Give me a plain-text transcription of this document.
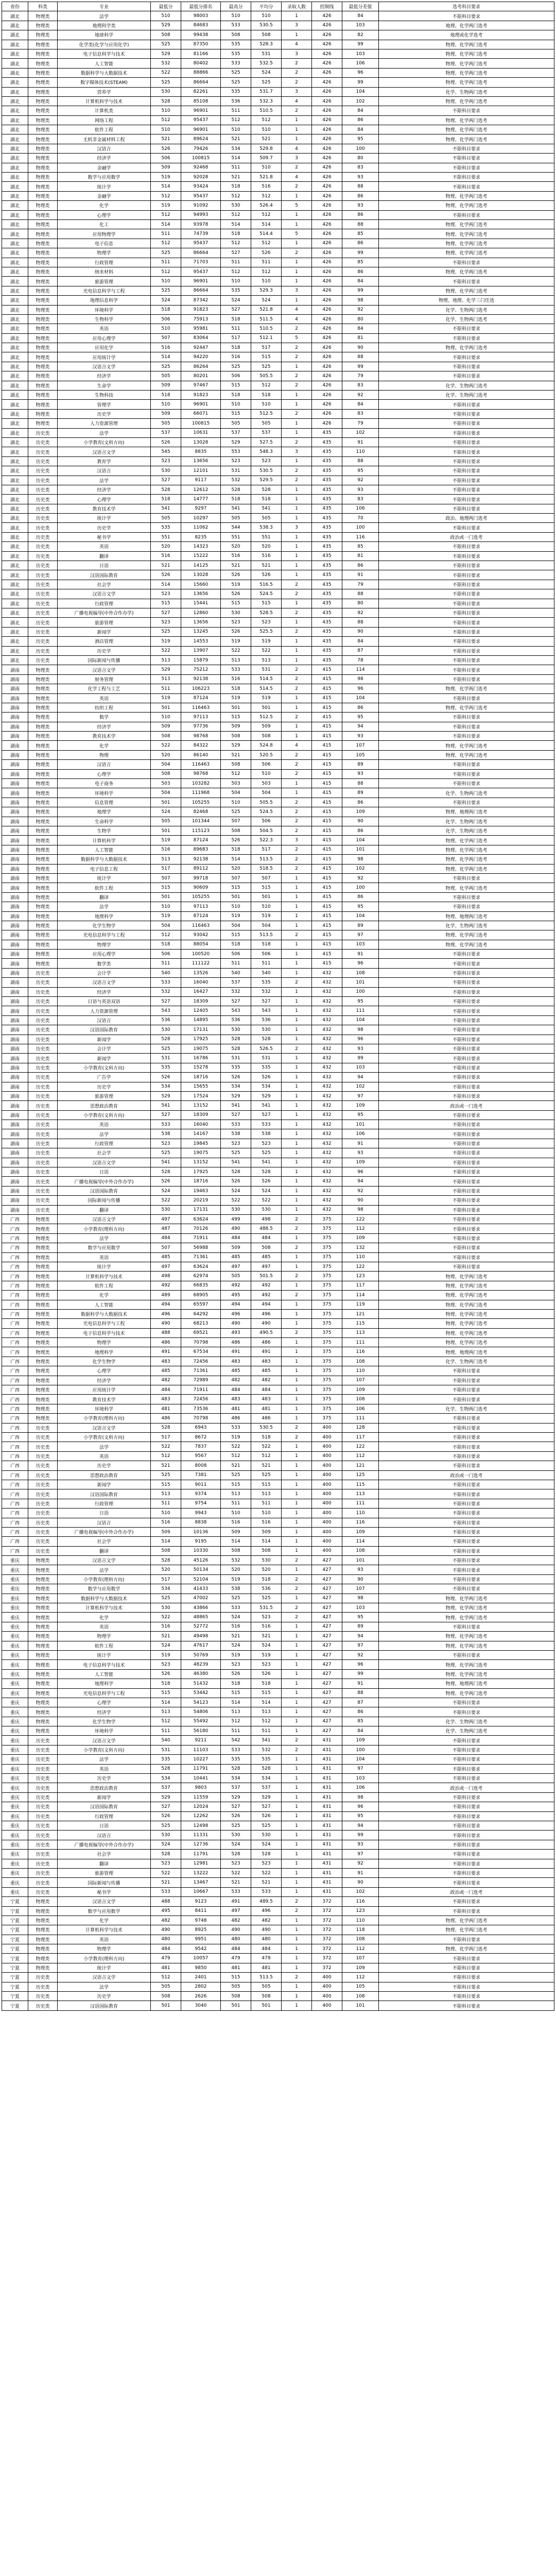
省份	科类	专业	最低分	最低分排名	最高分	平均分	录取人数	控制线	最低分差值	选考科目要求
湖北	物理类	法学	510	98003	510	510	1	426	84	不限科目要求
湖北	物理类	地理科学类	529	84683	533	530.5	3	426	103	地理、化学两门选考
湖北	物理类	地球科学	508	99438	508	508	1	426	82	地理或化学选考
湖北	物理类	化学类(化学与应用化学)	525	87350	535	528.3	4	426	99	物理、化学两门选考
湖北	物理类	电子信息科学与技术	529	81166	535	531	3	426	103	物理、化学两门选考
湖北	物理类	人工智能	532	80402	533	532.5	2	426	106	物理、化学两门选考
湖北	物理类	数据科学与大数据技术	522	88866	525	524	2	426	96	物理、化学两门选考
湖北	物理类	数字媒体技术(STEAM)	525	86664	525	525	2	426	99	物理、化学两门选考
湖北	物理类	营养学	530	82261	535	531.7	3	426	104	化学、生物两门选考
湖北	物理类	计算机科学与技术	528	85108	536	532.3	4	426	102	物理、化学两门选考
湖北	物理类	计算机类	510	96901	511	510.5	2	426	84	不限科目要求
湖北	物理类	网络工程	512	95437	512	512	1	426	86	物理、化学两门选考
湖北	物理类	软件工程	510	96901	510	510	1	426	84	物理、化学两门选考
湖北	物理类	无机非金属材料工程	521	89624	521	521	1	426	95	物理、化学两门选考
湖北	物理类	汉语言	526	79426	534	529.8	4	426	100	不限科目要求
湖北	物理类	经济学	506	100815	514	509.7	3	426	80	不限科目要求
湖北	物理类	金融学	509	92468	511	510	2	426	83	不限科目要求
湖北	物理类	数学与应用数学	519	92028	521	521.8	4	426	93	不限科目要求
湖北	物理类	统计学	514	93424	518	516	2	426	88	不限科目要求
湖北	物理类	金融学	512	95437	512	512	1	426	86	物理、化学两门选考
湖北	物理类	化学	519	91092	530	526.4	5	426	93	物理、化学两门选考
湖北	物理类	心理学	512	94993	512	512	1	426	86	不限科目要求
湖北	物理类	化工	514	93978	514	514	1	426	88	物理、化学两门选考
湖北	物理类	应用物理学	511	74739	518	514.4	5	426	85	物理、化学两门选考
湖北	物理类	电子信息	512	95437	512	512	1	426	86	物理、化学两门选考
湖北	物理类	物理学	525	86664	527	526	2	426	99	物理、化学两门选考
湖北	物理类	行政管理	511	71703	511	511	1	426	85	不限科目要求
湖北	物理类	纳米材料	512	95437	512	512	1	426	86	物理、化学两门选考
湖北	物理类	旅游管理	510	96901	510	510	1	426	84	不限科目要求
湖北	物理类	光电信息科学与工程	525	86664	535	529.3	3	426	99	物理、化学两门选考
湖北	物理类	地理信息科学	524	87342	524	524	1	426	98	物理、地理、化学三门任选
湖北	物理类	环境科学	518	91823	527	521.8	4	426	92	化学、生物两门选考
湖北	物理类	生物科学	506	75913	518	511.5	4	426	80	化学、生物两门选考
湖北	物理类	英语	510	95981	511	510.5	2	426	84	不限科目要求
湖北	物理类	应用心理学	507	83064	517	512.1	5	426	81	不限科目要求
湖北	物理类	应用化学	516	92447	518	517	2	426	90	物理、化学两门选考
湖北	物理类	应用统计学	514	94220	516	515	2	426	88	不限科目要求
湖北	物理类	汉语言文学	525	86264	525	525	1	426	99	不限科目要求
湖北	物理类	经济学	505	80201	506	505.5	2	426	79	不限科目要求
湖北	物理类	生命学	509	97467	515	512	2	426	83	化学、生物两门选考
湖北	物理类	生物科技	518	91823	518	518	1	426	92	化学、生物两门选考
湖北	物理类	管理学	510	96901	510	510	1	426	84	不限科目要求
湖北	物理类	历史学	509	66071	515	512.5	2	426	83	不限科目要求
湖北	物理类	人力资源管理	505	100815	505	505	1	426	79	不限科目要求
湖北	历史类	法学	537	10631	537	537	1	435	102	不限科目要求
湖北	历史类	小学教育(文科方向)	526	13028	529	527.5	2	435	91	不限科目要求
湖北	历史类	汉语言文学	545	8835	553	548.3	3	435	110	不限科目要求
湖北	历史类	教育学	523	13656	523	523	1	435	88	不限科目要求
湖北	历史类	汉语言	530	12101	531	530.5	2	435	95	不限科目要求
湖北	历史类	法学	527	9117	532	529.5	2	435	92	不限科目要求
湖北	历史类	经济学	528	12612	528	528	1	435	93	不限科目要求
湖北	历史类	心理学	518	14777	518	518	1	435	83	不限科目要求
湖北	历史类	教育技术学	541	9297	541	541	1	435	106	不限科目要求
湖北	历史类	统计学	505	10297	505	505	1	435	70	政治、地理两门选考
湖北	历史类	历史学	535	11062	544	538.3	3	435	100	不限科目要求
湖北	历史类	秘书学	551	8235	551	551	1	435	116	政治或一门选考
湖北	历史类	英语	520	14323	520	520	1	435	85	不限科目要求
湖北	历史类	翻译	516	15222	516	516	1	435	81	不限科目要求
湖北	历史类	日语	521	14125	521	521	1	435	86	不限科目要求
湖北	历史类	汉语国际教育	526	13028	526	526	1	435	91	不限科目要求
湖北	历史类	社会学	514	15660	519	516.5	2	435	79	不限科目要求
湖北	历史类	汉语言文学	523	13656	526	524.5	2	435	88	不限科目要求
湖北	历史类	行政管理	515	15441	515	515	1	435	80	不限科目要求
湖北	历史类	广播电视编导(中外合作办学)	527	12860	530	528.5	2	435	92	不限科目要求
湖北	历史类	旅游管理	523	13656	523	523	1	435	88	不限科目要求
湖北	历史类	新闻学	525	13245	526	525.5	2	435	90	不限科目要求
湖北	历史类	酒店管理	519	14553	519	519	1	435	84	不限科目要求
湖北	历史类	历史学	522	13907	522	522	1	435	87	不限科目要求
湖北	历史类	国际新闻与传播	513	15879	513	513	1	435	78	不限科目要求
湖南	物理类	汉语言文学	529	75212	533	531	2	415	114	不限科目要求
湖南	物理类	财务管理	513	92138	516	514.5	2	415	98	不限科目要求
湖南	物理类	化学工程与工艺	511	106223	518	514.5	2	415	96	物理、化学两门选考
湖南	物理类	英语	519	87124	519	519	1	415	104	不限科目要求
湖南	物理类	纺织工程	501	116463	501	501	1	415	86	物理、化学两门选考
湖南	物理类	数学	510	97113	515	512.5	2	415	95	不限科目要求
湖南	物理类	经济学	509	97736	509	509	1	415	94	不限科目要求
湖南	物理类	教育技术学	508	98768	508	508	1	415	93	不限科目要求
湖南	物理类	化学	522	84322	529	524.8	4	415	107	物理、化学两门选考
湖南	物理类	物理	520	86140	521	520.5	2	415	105	物理、化学两门选考
湖南	物理类	汉语言	504	116463	508	506	2	415	89	不限科目要求
湖南	物理类	心理学	508	98768	512	510	2	415	93	不限科目要求
湖南	物理类	电子商务	503	103282	503	503	1	415	88	不限科目要求
湖南	物理类	环境科学	504	111968	504	504	1	415	89	化学、生物两门选考
湖南	物理类	信息管理	501	105255	510	505.5	2	415	86	不限科目要求
湖南	物理类	地理学	524	82468	525	524.5	2	415	109	物理、地理两门选考
湖南	物理类	生命科学	505	101344	507	506	2	415	90	化学、生物两门选考
湖南	物理类	生物学	501	115123	508	504.5	2	415	86	化学、生物两门选考
湖南	物理类	计算机科学	519	87124	526	522.3	3	415	104	物理、化学两门选考
湖南	物理类	人工智能	516	89683	518	517	2	415	101	物理、化学两门选考
湖南	物理类	数据科学与大数据技术	513	92138	514	513.5	2	415	98	物理、化学两门选考
湖南	物理类	电子信息工程	517	89112	520	518.5	2	415	102	物理、化学两门选考
湖南	物理类	统计学	507	99718	507	507	1	415	92	不限科目要求
湖南	物理类	软件工程	515	90609	515	515	1	415	100	物理、化学两门选考
湖南	物理类	翻译	501	105255	501	501	1	415	86	不限科目要求
湖南	物理类	法学	510	97113	510	510	1	415	95	不限科目要求
湖南	物理类	地理科学	519	87124	519	519	1	415	104	物理、地理两门选考
湖南	物理类	化学生物学	504	116463	504	504	1	415	89	化学、生物两门选考
湖南	物理类	光电信息科学与工程	512	93042	515	513.5	2	415	97	物理、化学两门选考
湖南	物理类	物理学	518	88054	518	518	1	415	103	物理、化学两门选考
湖南	物理类	应用心理学	506	100520	506	506	1	415	91	不限科目要求
湖南	物理类	数学类	511	111122	511	511	1	415	96	不限科目要求
湖南	历史类	会计学	540	13526	540	540	1	432	108	不限科目要求
湖南	历史类	汉语言文学	533	16040	537	535	2	432	101	不限科目要求
湖南	历史类	经济学	532	16427	532	532	1	432	100	不限科目要求
湖南	历史类	日语与英语双语	527	18309	527	527	1	432	95	不限科目要求
湖南	历史类	人力资源管理	543	12405	543	543	1	432	111	不限科目要求
湖南	历史类	汉语言	536	14895	536	536	1	432	104	不限科目要求
湖南	历史类	汉语国际教育	530	17131	530	530	1	432	98	不限科目要求
湖南	历史类	新闻学	528	17925	528	528	1	432	96	不限科目要求
湖南	历史类	会计学	525	19075	528	526.5	2	432	93	不限科目要求
湖南	历史类	新闻学	531	16786	531	531	1	432	99	不限科目要求
湖南	历史类	小学教育(文科方向)	535	15278	535	535	1	432	103	不限科目要求
湖南	历史类	广告学	526	18716	526	526	1	432	94	不限科目要求
湖南	历史类	历史学	534	15655	534	534	1	432	102	不限科目要求
湖南	历史类	旅游管理	529	17524	529	529	1	432	97	不限科目要求
湖南	历史类	思想政治教育	541	13152	541	541	1	432	109	政治或一门选考
湖南	历史类	小学教育(文科方向)	527	18309	527	527	1	432	95	不限科目要求
湖南	历史类	英语	533	16040	533	533	1	432	101	不限科目要求
湖南	历史类	法学	538	14167	538	538	1	432	106	不限科目要求
湖南	历史类	行政管理	523	19845	523	523	1	432	91	不限科目要求
湖南	历史类	社会学	525	19075	525	525	1	432	93	不限科目要求
湖南	历史类	汉语言文学	541	13152	541	541	1	432	109	不限科目要求
湖南	历史类	日语	528	17925	528	528	1	432	96	不限科目要求
湖南	历史类	广播电视编导(中外合作办学)	526	18716	526	526	1	432	94	不限科目要求
湖南	历史类	汉语国际教育	524	19463	524	524	1	432	92	不限科目要求
湖南	历史类	国际新闻与传播	522	20219	522	522	1	432	90	不限科目要求
湖南	历史类	翻译	530	17131	530	530	1	432	98	不限科目要求
广西	物理类	汉语言文学	497	63624	499	498	2	375	122	不限科目要求
广西	物理类	小学教育(理科方向)	487	70126	490	488.5	2	375	112	不限科目要求
广西	物理类	法学	484	71911	484	484	1	375	109	不限科目要求
广西	物理类	数学与应用数学	507	56988	509	508	2	375	132	不限科目要求
广西	物理类	英语	485	71361	485	485	1	375	110	不限科目要求
广西	物理类	统计学	497	63624	497	497	1	375	122	不限科目要求
广西	物理类	计算机科学与技术	498	62974	505	501.5	2	375	123	物理、化学两门选考
广西	物理类	软件工程	492	66835	492	492	1	375	117	物理、化学两门选考
广西	物理类	化学	489	68905	495	492	2	375	114	物理、化学两门选考
广西	物理类	人工智能	494	65597	494	494	1	375	119	物理、化学两门选考
广西	物理类	数据科学与大数据技术	496	64292	496	496	1	375	121	物理、化学两门选考
广西	物理类	光电信息科学与工程	490	68213	490	490	1	375	115	物理、化学两门选考
广西	物理类	电子信息科学与技术	488	69521	493	490.5	2	375	113	物理、化学两门选考
广西	物理类	物理学	486	70798	486	486	1	375	111	物理、化学两门选考
广西	物理类	地理科学	491	67534	491	491	1	375	116	物理、地理两门选考
广西	物理类	化学生物学	483	72456	483	483	1	375	108	化学、生物两门选考
广西	物理类	心理学	485	71361	485	485	1	375	110	不限科目要求
广西	物理类	经济学	482	72989	482	482	1	375	107	不限科目要求
广西	物理类	应用统计学	484	71911	484	484	1	375	109	不限科目要求
广西	物理类	教育技术学	483	72456	483	483	1	375	108	不限科目要求
广西	物理类	环境科学	481	73536	481	481	1	375	106	化学、生物两门选考
广西	物理类	小学教育(理科方向)	486	70798	486	486	1	375	111	不限科目要求
广西	历史类	汉语言文学	528	6943	533	530.5	2	400	128	不限科目要求
广西	历史类	小学教育(文科方向)	517	8672	519	518	2	400	117	不限科目要求
广西	历史类	法学	522	7837	522	522	1	400	122	不限科目要求
广西	历史类	英语	512	9567	512	512	1	400	112	不限科目要求
广西	历史类	历史学	521	8008	521	521	1	400	121	不限科目要求
广西	历史类	思想政治教育	525	7381	525	525	1	400	125	政治或一门选考
广西	历史类	新闻学	515	9011	515	515	1	400	115	不限科目要求
广西	历史类	汉语国际教育	513	9374	513	513	1	400	113	不限科目要求
广西	历史类	行政管理	511	9754	511	511	1	400	111	不限科目要求
广西	历史类	日语	510	9943	510	510	1	400	110	不限科目要求
广西	历史类	汉语言	516	8838	516	516	1	400	116	不限科目要求
广西	历史类	广播电视编导(中外合作办学)	509	10136	509	509	1	400	109	不限科目要求
广西	历史类	社会学	514	9195	514	514	1	400	114	不限科目要求
广西	历史类	翻译	508	10330	508	508	1	400	108	不限科目要求
重庆	物理类	汉语言文学	528	45126	532	530	2	427	101	不限科目要求
重庆	物理类	法学	520	50134	520	520	1	427	93	不限科目要求
重庆	物理类	小学教育(理科方向)	517	52104	519	518	2	427	90	不限科目要求
重庆	物理类	数学与应用数学	534	41433	538	536	2	427	107	不限科目要求
重庆	物理类	数据科学与大数据技术	525	47002	525	525	1	427	98	物理、化学两门选考
重庆	物理类	计算机科学与技术	530	43866	533	531.5	2	427	103	物理、化学两门选考
重庆	物理类	化学	522	48865	524	523	2	427	95	物理、化学两门选考
重庆	物理类	英语	516	52772	516	516	1	427	89	不限科目要求
重庆	物理类	物理学	521	49498	521	521	1	427	94	物理、化学两门选考
重庆	物理类	软件工程	524	47617	524	524	1	427	97	物理、化学两门选考
重庆	物理类	统计学	519	50769	519	519	1	427	92	不限科目要求
重庆	物理类	电子信息科学与技术	523	48239	523	523	1	427	96	物理、化学两门选考
重庆	物理类	人工智能	526	46380	526	526	1	427	99	物理、化学两门选考
重庆	物理类	地理科学	518	51432	518	518	1	427	91	物理、地理两门选考
重庆	物理类	光电信息科学与工程	515	53442	515	515	1	427	88	物理、化学两门选考
重庆	物理类	心理学	514	54123	514	514	1	427	87	不限科目要求
重庆	物理类	经济学	513	54806	513	513	1	427	86	不限科目要求
重庆	物理类	化学生物学	512	55492	512	512	1	427	85	化学、生物两门选考
重庆	物理类	环境科学	511	56180	511	511	1	427	84	化学、生物两门选考
重庆	历史类	汉语言文学	540	9211	542	541	2	431	109	不限科目要求
重庆	历史类	小学教育(文科方向)	531	11103	533	532	2	431	100	不限科目要求
重庆	历史类	法学	535	10227	535	535	1	431	104	不限科目要求
重庆	历史类	英语	528	11791	528	528	1	431	97	不限科目要求
重庆	历史类	历史学	534	10441	534	534	1	431	103	不限科目要求
重庆	历史类	思想政治教育	537	9803	537	537	1	431	106	政治或一门选考
重庆	历史类	新闻学	529	11559	529	529	1	431	98	不限科目要求
重庆	历史类	汉语国际教育	527	12024	527	527	1	431	96	不限科目要求
重庆	历史类	行政管理	526	12262	526	526	1	431	95	不限科目要求
重庆	历史类	日语	525	12498	525	525	1	431	94	不限科目要求
重庆	历史类	汉语言	530	11331	530	530	1	431	99	不限科目要求
重庆	历史类	广播电视编导(中外合作办学)	524	12736	524	524	1	431	93	不限科目要求
重庆	历史类	社会学	528	11791	528	528	1	431	97	不限科目要求
重庆	历史类	翻译	523	12981	523	523	1	431	92	不限科目要求
重庆	历史类	旅游管理	522	13222	522	522	1	431	91	不限科目要求
重庆	历史类	国际新闻与传播	521	13467	521	521	1	431	90	不限科目要求
重庆	历史类	秘书学	533	10667	533	533	1	431	102	政治或一门选考
宁夏	物理类	汉语言文学	488	9123	491	489.5	2	372	116	不限科目要求
宁夏	物理类	数学与应用数学	495	8411	497	496	2	372	123	不限科目要求
宁夏	物理类	化学	482	9748	482	482	1	372	110	物理、化学两门选考
宁夏	物理类	计算机科学与技术	490	8925	490	490	1	372	118	物理、化学两门选考
宁夏	物理类	英语	480	9951	480	480	1	372	108	不限科目要求
宁夏	物理类	物理学	484	9542	484	484	1	372	112	物理、化学两门选考
宁夏	物理类	小学教育(理科方向)	479	10057	479	479	1	372	107	不限科目要求
宁夏	物理类	统计学	481	9850	481	481	1	372	109	不限科目要求
宁夏	历史类	汉语言文学	512	2401	515	513.5	2	400	112	不限科目要求
宁夏	历史类	法学	505	2802	505	505	1	400	105	不限科目要求
宁夏	历史类	历史学	508	2626	508	508	1	400	108	不限科目要求
宁夏	历史类	汉语国际教育	501	3040	501	501	1	400	101	不限科目要求
